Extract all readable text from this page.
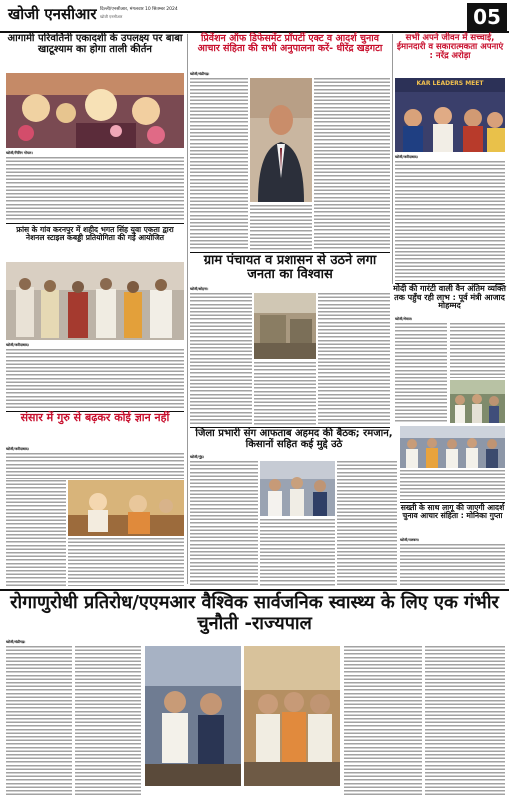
खोजी एनसीआर दिल्ली/एनसीआर, मंगलवार 10 सितम्बर 2024
खोजी एनसीआर	05
आगामी परिवर्तिनी एकादशी के उपलक्ष्य पर बाबा खाटूश्याम का होगा ताली कीर्तन
खोजी/नितिन गोयल।
फ्रांस के गांव करनपुर में शहीद भगत सिंह युवा एकता द्वारा नेशनल स्टाइल कबड्डी प्रतियोगिता की गई आयोजित
खोजी/फरीदाबाद।
संसार में गुरु से बढ़कर कोई ज्ञान नहीं
खोजी/फरीदाबाद।
प्रिवेंशन ऑफ डिफेसमेंट प्रॉपर्टी एक्ट व आदर्श चुनाव आचार संहिता की सभी अनुपालना करें- धीरेंद्र खड़गटा
खोजी/चंडीगढ़।
सभी अपने जीवन में सच्चाई, ईमानदारी व सकारात्मकता अपनाएं : नरेंद्र अरोड़ा
KAR LEADERS MEET
खोजी/फरीदाबाद।
ग्राम पंचायत व प्रशासन से उठने लगा जनता का विश्वास
खोजी/सोहना।	मोदी की गारंटी वाली वैन अंतिम व्यक्ति तक पहुँच रही लाभ : पूर्व मंत्री आजाद मोहम्मद
खोजी/मेवात।
जिला प्रभारी संग आफताब अहमद की बैठक; रमजान, किसानों सहित कई मुद्दे उठे
खोजी/नूंह।
सख्ती के साथ लागू की जाएगी आदर्श चुनाव आचार संहिता : मोनिका गुप्ता
खोजी/पलवल।
रोगाणुरोधी प्रतिरोध/एएमआर वैश्विक सार्वजनिक स्वास्थ्य के लिए एक गंभीर चुनौती -राज्यपाल
खोजी/चंडीगढ़।
